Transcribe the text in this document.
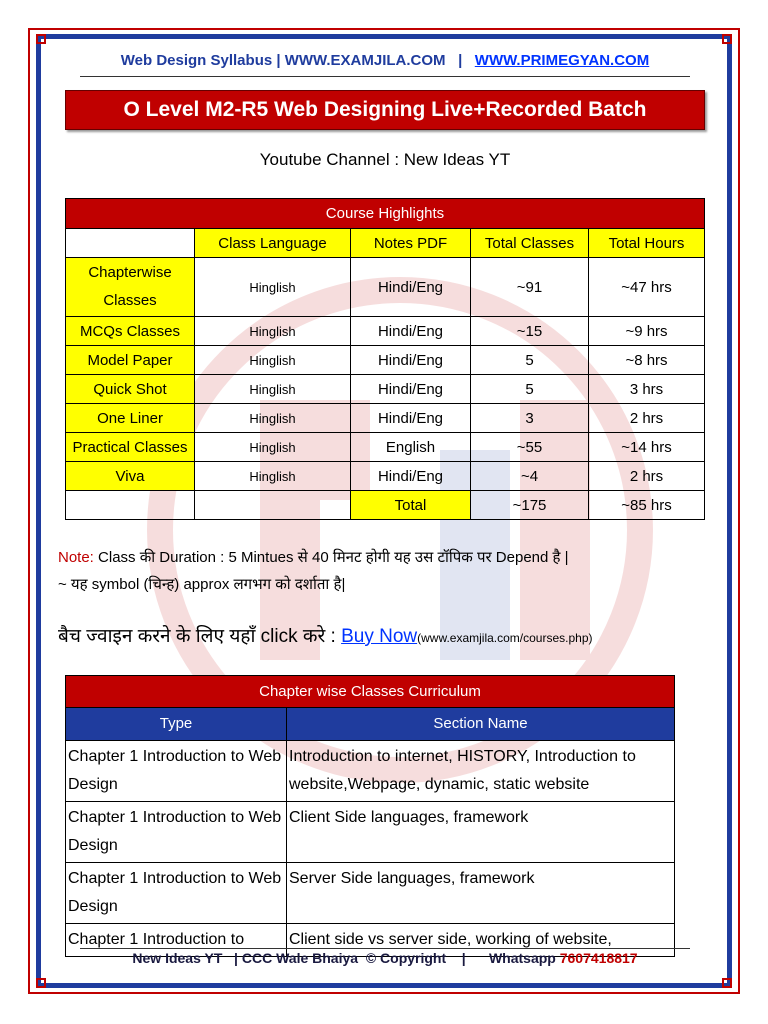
Web Design Syllabus | WWW.EXAMJILA.COM | WWW.PRIMEGYAN.COM
O Level M2-R5 Web Designing Live+Recorded Batch
Youtube Channel : New Ideas YT
Course Highlights				
	Class Language	Notes PDF	Total Classes	Total Hours
Chapterwise Classes	Hinglish	Hindi/Eng	~91	~47 hrs
MCQs Classes	Hinglish	Hindi/Eng	~15	~9 hrs
Model Paper	Hinglish	Hindi/Eng	5	~8 hrs
Quick Shot	Hinglish	Hindi/Eng	5	3 hrs
One Liner	Hinglish	Hindi/Eng	3	2 hrs
Practical Classes	Hinglish	English	~55	~14 hrs
Viva	Hinglish	Hindi/Eng	~4	2 hrs
		Total	~175	~85 hrs
Note: Class की Duration : 5 Mintues से 40 मिनट होगी यह उस टॉपिक पर Depend है |
~ यह symbol (चिन्ह) approx लगभग को दर्शाता है|
बैच ज्वाइन करने के लिए यहाँ click करे : Buy Now(www.examjila.com/courses.php)
Chapter wise Classes Curriculum	
Type	Section Name
Chapter 1 Introduction to Web Design	Introduction to internet, HISTORY, Introduction to website,Webpage, dynamic, static website
Chapter 1 Introduction to Web Design	Client Side languages, framework
Chapter 1 Introduction to Web Design	Server Side languages, framework
Chapter 1 Introduction to	Client side vs server side, working of website,
New Ideas YT   | CCC Wale Bhaiya  © Copyright    |      Whatsapp 7607418817
